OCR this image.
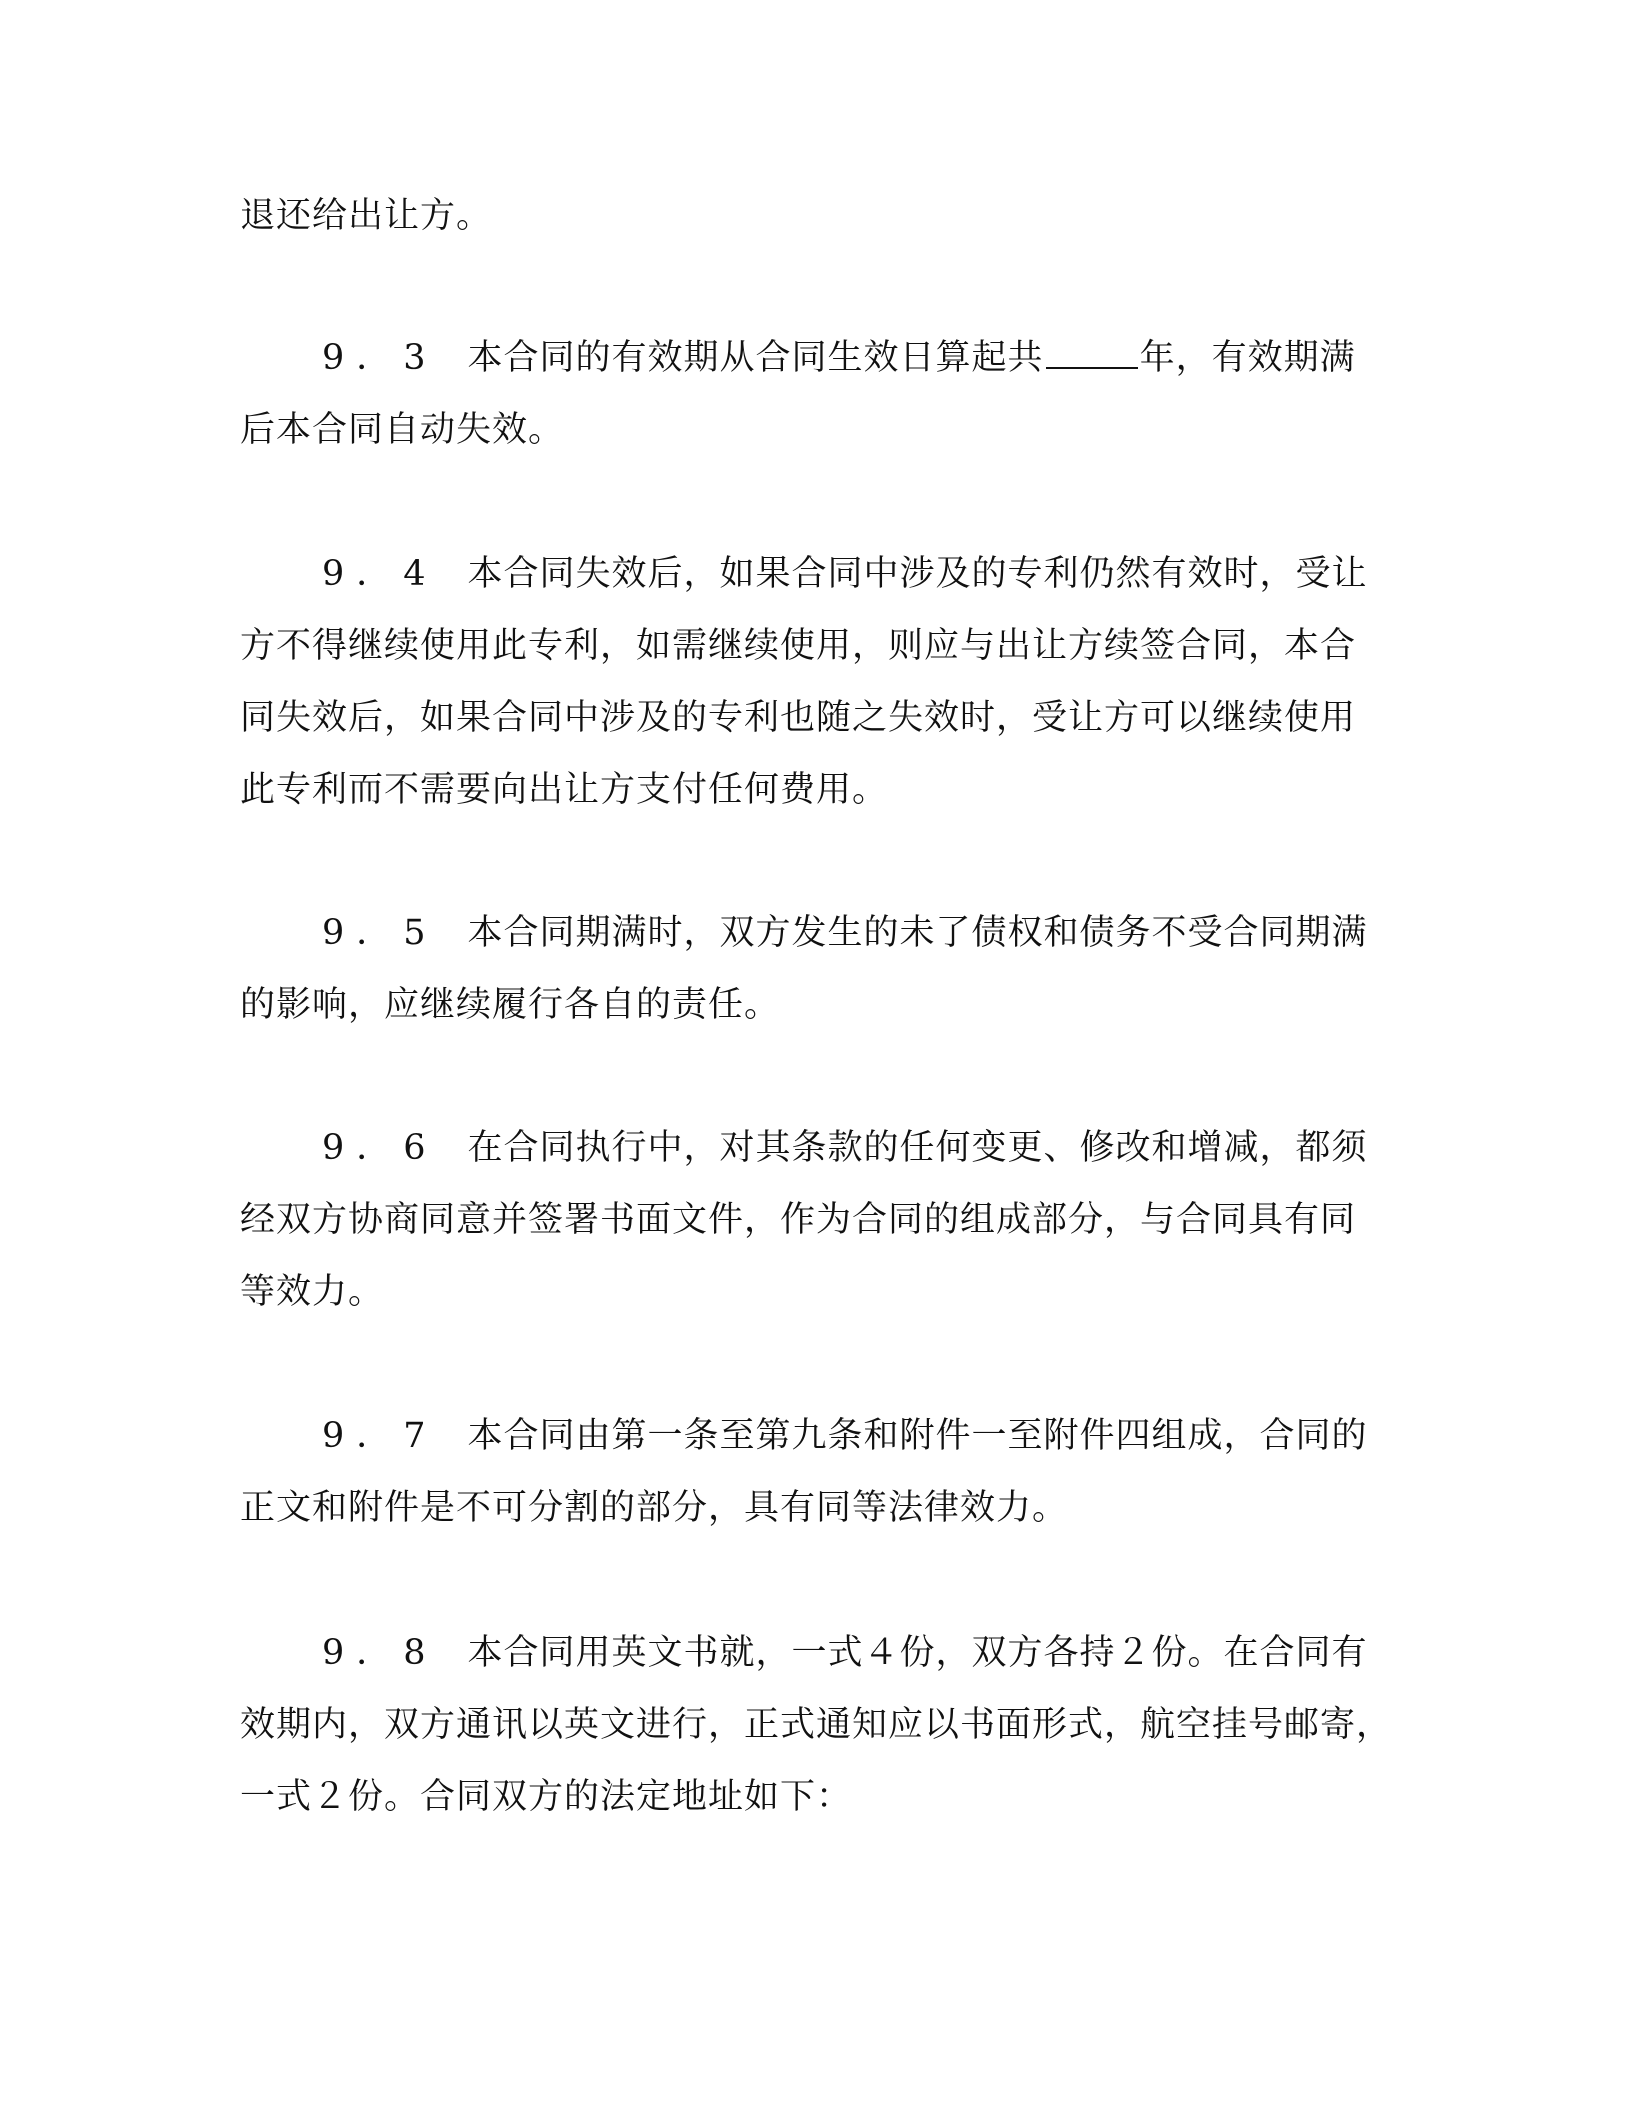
退还给出让方。
9．3 本合同的有效期从合同生效日算起共	年，有效期满
后本合同自动失效。
9．4 本合同失效后，如果合同中涉及的专利仍然有效时，受让
方不得继续使用此专利，如需继续使用，则应与出让方续签合同，本合
同失效后，如果合同中涉及的专利也随之失效时，受让方可以继续使用
此专利而不需要向出让方支付任何费用。
9．5 本合同期满时，双方发生的未了债权和债务不受合同期满
的影响，应继续履行各自的责任。
9．6 在合同执行中，对其条款的任何变更、修改和增减，都须
经双方协商同意并签署书面文件，作为合同的组成部分，与合同具有同
等效力。
9．7 本合同由第一条至第九条和附件一至附件四组成，合同的
正文和附件是不可分割的部分，具有同等法律效力。
9．8 本合同用英文书就，一式４份，双方各持２份。在合同有
效期内，双方通讯以英文进行，正式通知应以书面形式，航空挂号邮寄，
一式２份。合同双方的法定地址如下：
